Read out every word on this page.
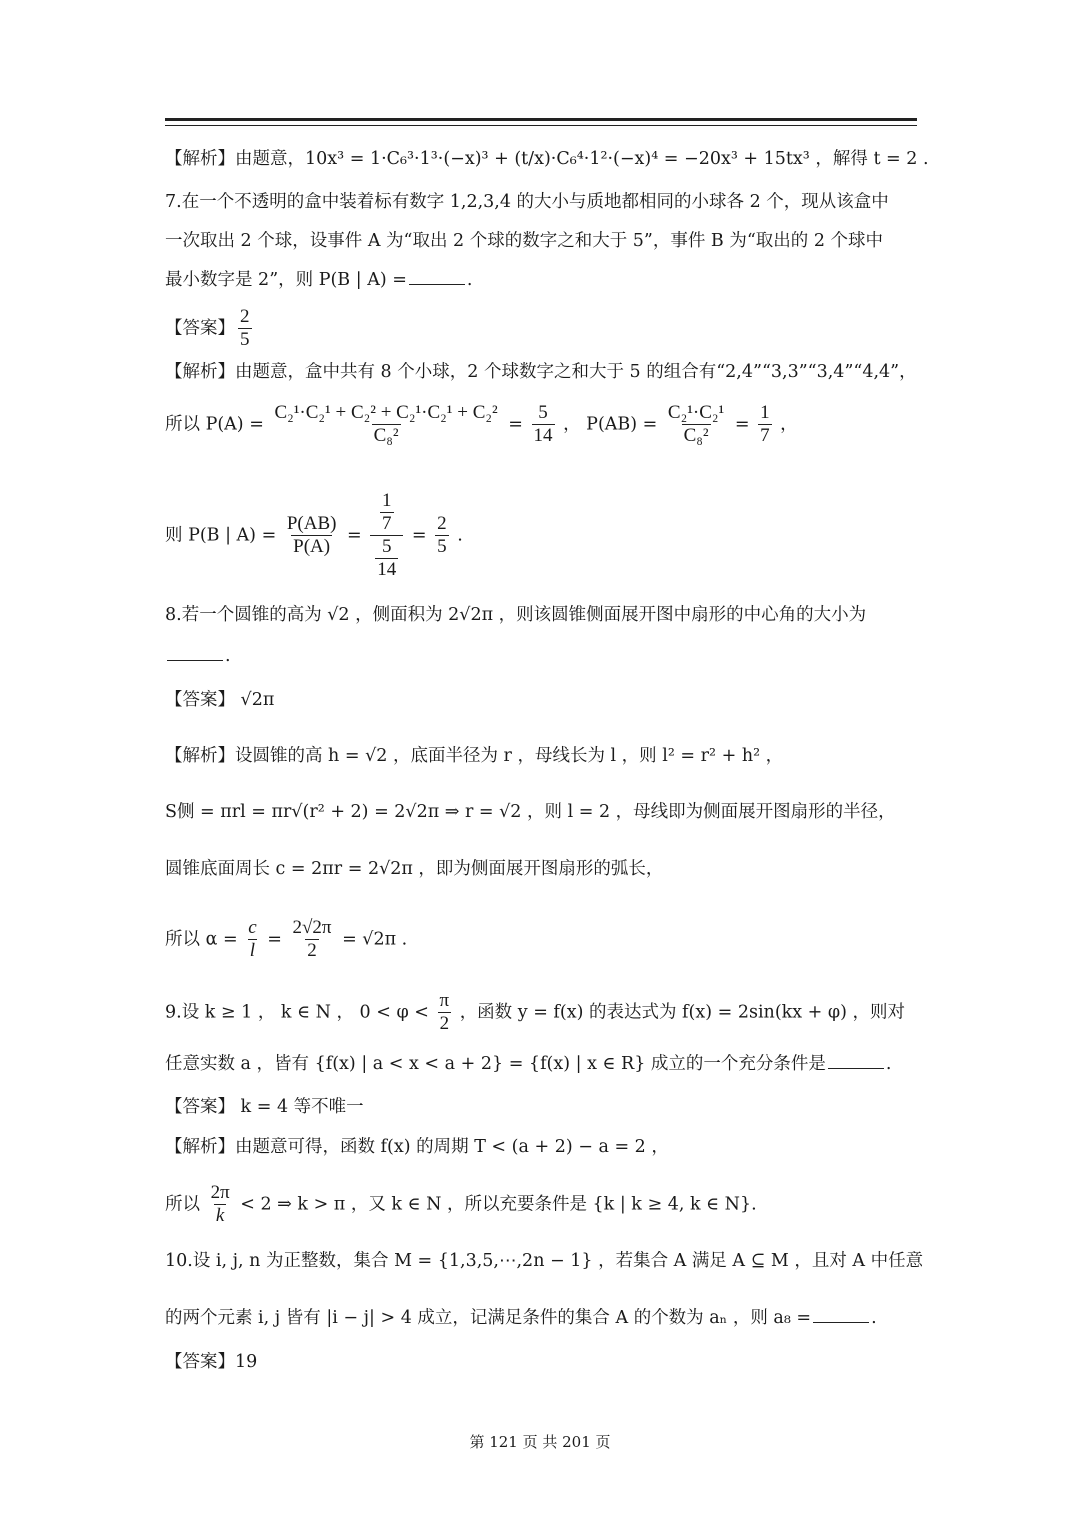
【解析】由题意，10x³ = 1·C₆³·1³·(−x)³ + (t/x)·C₆⁴·1²·(−x)⁴ = −20x³ + 15tx³ ，解得 t = 2 .
7.在一个不透明的盒中装着标有数字 1,2,3,4 的大小与质地都相同的小球各 2 个，现从该盒中
一次取出 2 个球，设事件 A 为“取出 2 个球的数字之和大于 5”，事件 B 为“取出的 2 个球中
最小数字是 2”，则 P(B | A) =	.
【答案】 $\frac{2}{5}$
【解析】由题意，盒中共有 8 个小球，2 个球数字之和大于 5 的组合有“2,4”“3,3”“3,4”“4,4”，
所以 $P(A) = \frac{\text{C₂¹·C₂¹ + C₂² + C₂¹·C₂¹ + C₂²}}{\text{C₈²}} = \frac{5}{14}$ ， $P(AB) = \frac{\text{C₂¹·C₂¹}}{\text{C₈²}} = \frac{1}{7}$ ，
则 P(B | $A) = \frac{P(AB)}{P(A)} = \frac{\frac{1}{7}}{\frac{5}{14}} = \frac{2}{5}$ .
8.若一个圆锥的高为 √2 ，侧面积为 2√2π ，则该圆锥侧面展开图中扇形的中心角的大小为
.
【答案】 √2π
【解析】设圆锥的高 h = √2 ，底面半径为 r ，母线长为 l ，则 l² = r² + h² ，
S侧 = πrl = πr√(r² + 2) = 2√2π ⇒ r = √2 ，则 l = 2 ，母线即为侧面展开图扇形的半径，
圆锥底面周长 c = 2πr = 2√2π ，即为侧面展开图扇形的弧长，
所以 $\alpha = \frac{c}{l} = \frac{2√2\pi}{2} = √2\pi$ .
9.设 k ≥ 1 ， k ∈ N ， $0 < \varphi < \frac{\pi}{2}$ ，函数 y = f(x) 的表达式为 f(x) = 2sin(kx + φ) ，则对
任意实数 a ，皆有 {f(x) | a < x < a + 2} = {f(x) | x ∈ R} 成立的一个充分条件是	.
【答案】 k = 4 等不唯一
【解析】由题意可得，函数 f(x) 的周期 T < (a + 2) − a = 2 ，
所以 $\frac{2\pi}{k} < 2$ ⇒ k > π ，又 k ∈ N ，所以充要条件是 {k | k ≥ 4, k ∈ N}.
10.设 i, j, n 为正整数，集合 M = {1,3,5,⋯,2n − 1} ，若集合 A 满足 A ⊆ M ，且对 A 中任意
的两个元素 i, j 皆有 |i − j| > 4 成立，记满足条件的集合 A 的个数为 aₙ ，则 a₈ =	.
【答案】19
第 121 页 共 201 页
